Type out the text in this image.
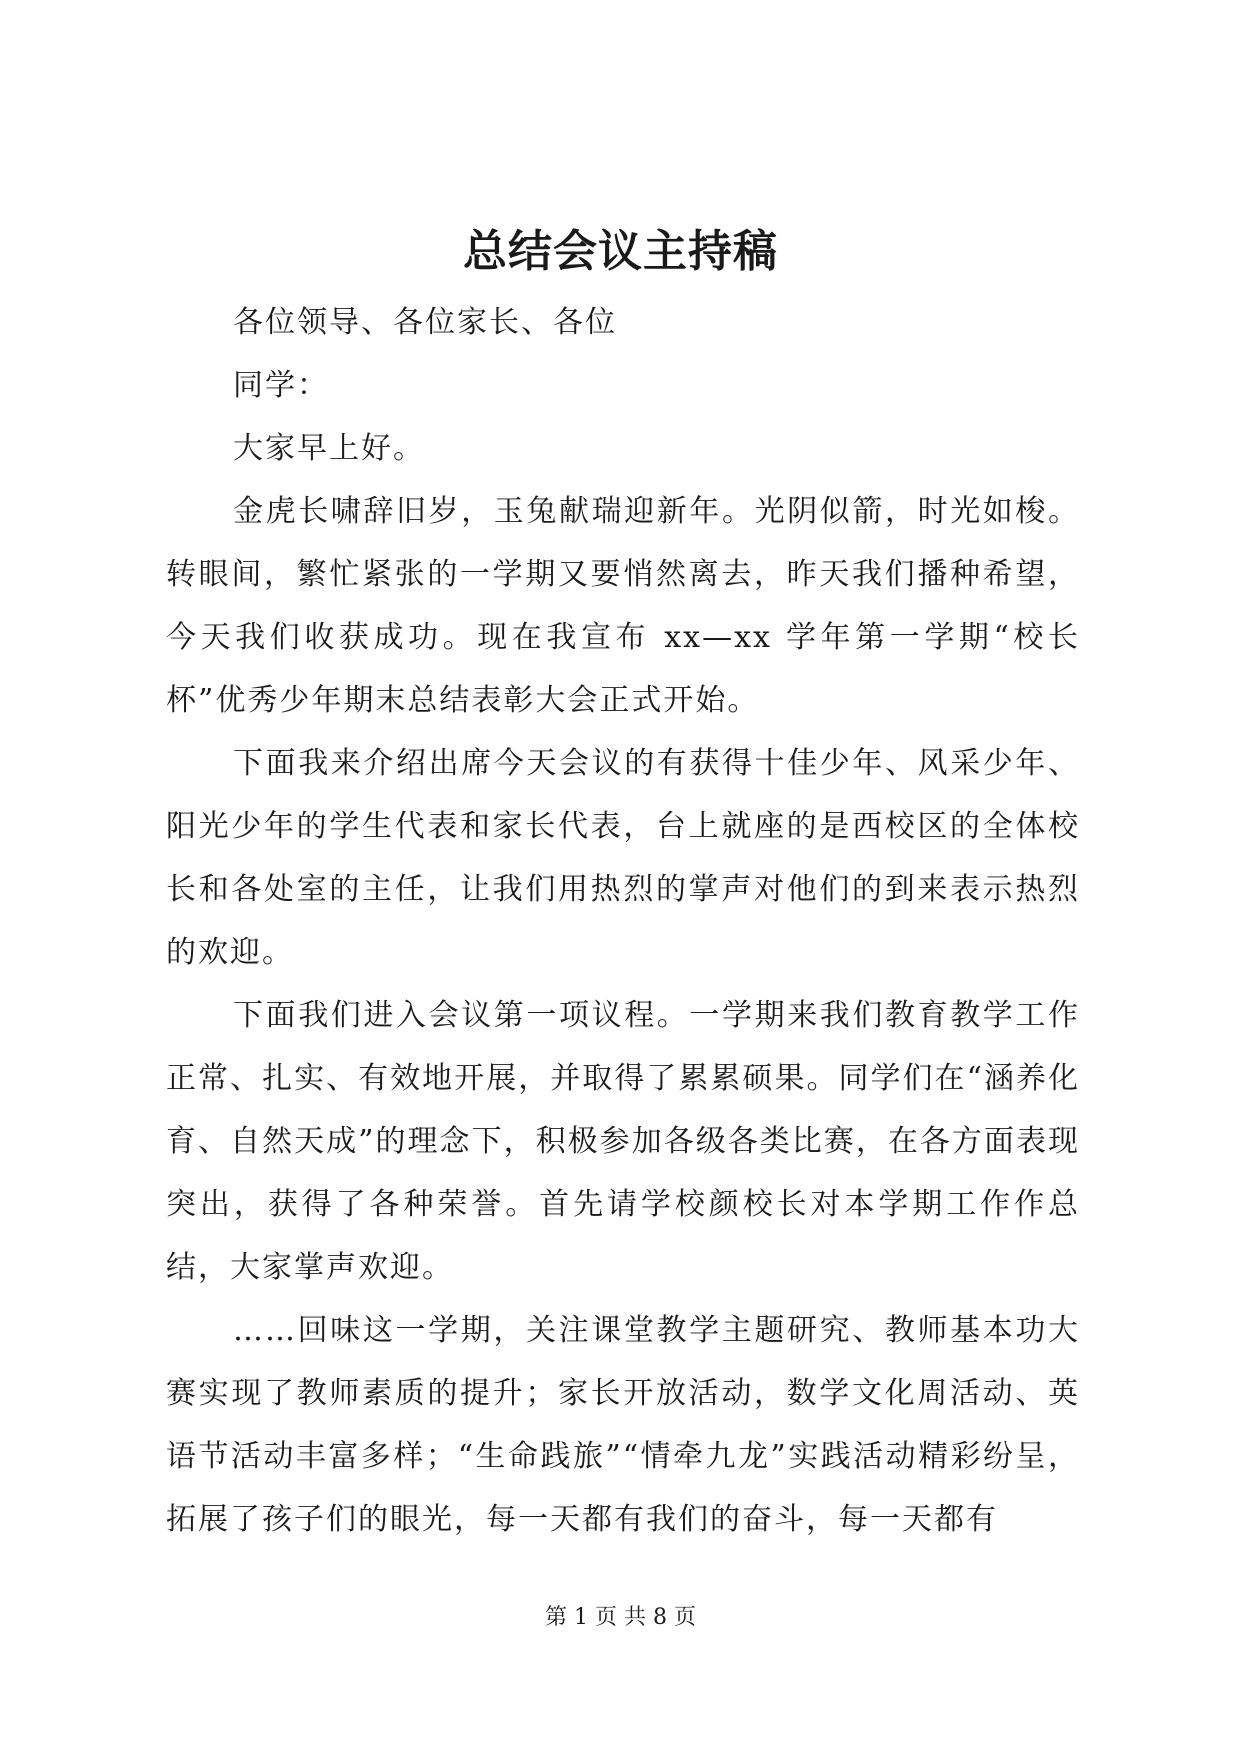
总结会议主持稿

各位领导、各位家长、各位

同学：

大家早上好。

金虎长啸辞旧岁，玉兔献瑞迎新年。光阴似箭，时光如梭。转眼间，繁忙紧张的一学期又要悄然离去，昨天我们播种希望，今天我们收获成功。现在我宣布 xx—xx 学年第一学期“校长杯”优秀少年期末总结表彰大会正式开始。

下面我来介绍出席今天会议的有获得十佳少年、风采少年、阳光少年的学生代表和家长代表，台上就座的是西校区的全体校长和各处室的主任，让我们用热烈的掌声对他们的到来表示热烈的欢迎。

下面我们进入会议第一项议程。一学期来我们教育教学工作正常、扎实、有效地开展，并取得了累累硕果。同学们在“涵养化育、自然天成”的理念下，积极参加各级各类比赛，在各方面表现突出，获得了各种荣誉。首先请学校颜校长对本学期工作作总结，大家掌声欢迎。

……回味这一学期，关注课堂教学主题研究、教师基本功大赛实现了教师素质的提升；家长开放活动，数学文化周活动、英语节活动丰富多样；“生命践旅”“情牵九龙”实践活动精彩纷呈，拓展了孩子们的眼光，每一天都有我们的奋斗，每一天都有

第 1 页 共 8 页
